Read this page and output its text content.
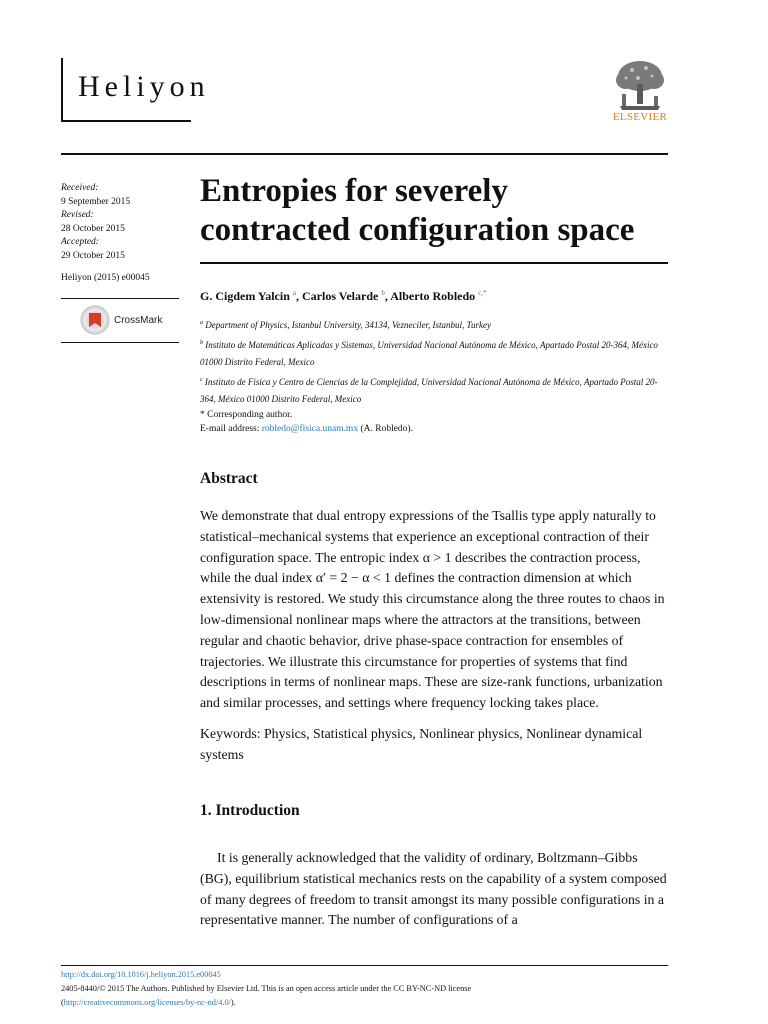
Heliyon
ELSEVIER
Received:
9 September 2015
Revised:
28 October 2015
Accepted:
29 October 2015
Heliyon (2015) e00045
CrossMark
Entropies for severely
contracted configuration space
G. Cigdem Yalcin $^a$, Carlos Velarde $^b$, Alberto Robledo $^{c,*}$
$^a$ Department of Physics, Istanbul University, 34134, Vezneciler, Istanbul, Turkey
$^b$ Instituto de Matemáticas Aplicadas y Sistemas, Universidad Nacional Autónoma de México, Apartado Postal 20-364, México 01000 Distrito Federal, Mexico
$^c$ Instituto de Física y Centro de Ciencias de la Complejidad, Universidad Nacional Autónoma de México, Apartado Postal 20-364, México 01000 Distrito Federal, Mexico
* Corresponding author.
E-mail address: robledo@fisica.unam.mx (A. Robledo).
Abstract

We demonstrate that dual entropy expressions of the Tsallis type apply naturally to statistical–mechanical systems that experience an exceptional contraction of their configuration space. The entropic index α > 1 describes the contraction process, while the dual index α′ = 2 − α < 1 defines the contraction dimension at which extensivity is restored. We study this circumstance along the three routes to chaos in low-dimensional nonlinear maps where the attractors at the transitions, between regular and chaotic behavior, drive phase-space contraction for ensembles of trajectories. We illustrate this circumstance for properties of systems that find descriptions in terms of nonlinear maps. These are size-rank functions, urbanization and similar processes, and settings where frequency locking takes place.

Keywords: Physics, Statistical physics, Nonlinear physics, Nonlinear dynamical systems
1. Introduction

It is generally acknowledged that the validity of ordinary, Boltzmann–Gibbs (BG), equilibrium statistical mechanics rests on the capability of a system composed of many degrees of freedom to transit amongst its many possible configurations in a representative manner. The number of configurations of a

http://dx.doi.org/10.1016/j.heliyon.2015.e00045
2405-8440/© 2015 The Authors. Published by Elsevier Ltd. This is an open access article under the CC BY-NC-ND license
(http://creativecommons.org/licenses/by-nc-nd/4.0/).
